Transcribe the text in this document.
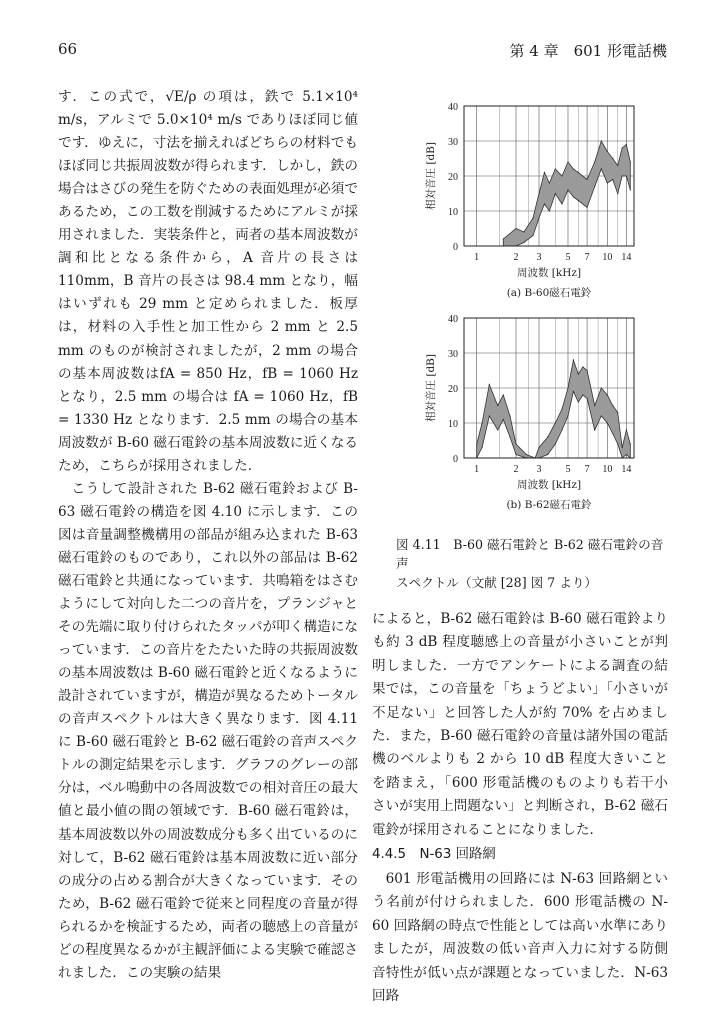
66	第 4 章　601 形電話機

す．この式で，√E/ρ の項は，鉄で 5.1×10⁴ m/s，アルミで 5.0×10⁴ m/s でありほぼ同じ値です．ゆえに，寸法を揃えればどちらの材料でもほぼ同じ共振周波数が得られます．しかし，鉄の場合はさびの発生を防ぐための表面処理が必須であるため，この工数を削減するためにアルミが採用されました．実装条件と，両者の基本周波数が調和比となる条件から，A 音片の長さは 110mm，B 音片の長さは 98.4 mm となり，幅はいずれも 29 mm と定められました．板厚は，材料の入手性と加工性から 2 mm と 2.5 mm のものが検討されましたが，2 mm の場合の基本周波数はfA = 850 Hz，fB = 1060 Hz となり，2.5 mm の場合は fA = 1060 Hz，fB = 1330 Hz となります．2.5 mm の場合の基本周波数が B-60 磁石電鈴の基本周波数に近くなるため，こちらが採用されました．

こうして設計された B-62 磁石電鈴および B-63 磁石電鈴の構造を図 4.10 に示します．この図は音量調整機構用の部品が組み込まれた B-63 磁石電鈴のものであり，これ以外の部品は B-62 磁石電鈴と共通になっています．共鳴箱をはさむようにして対向した二つの音片を，プランジャとその先端に取り付けられたタッパが叩く構造になっています．この音片をたたいた時の共振周波数の基本周波数は B-60 磁石電鈴と近くなるように設計されていますが，構造が異なるためトータルの音声スペクトルは大きく異なります．図 4.11 に B-60 磁石電鈴と B-62 磁石電鈴の音声スペクトルの測定結果を示します．グラフのグレーの部分は，ベル鳴動中の各周波数での相対音圧の最大値と最小値の間の領域です．B-60 磁石電鈴は，基本周波数以外の周波数成分も多く出ているのに対して，B-62 磁石電鈴は基本周波数に近い部分の成分の占める割合が大きくなっています．そのため，B-62 磁石電鈴で従来と同程度の音量が得られるかを検証するため，両者の聴感上の音量がどの程度異なるかが主観評価による実験で確認されました．この実験の結果

0
10
20
30
40
1	2 3 5 7 10 14
相対音圧 [dB]
周波数 [kHz]
(a) B-60磁石電鈴
0
10
20
30
40
1	2 3 5 7 10 14
相対音圧 [dB]
周波数 [kHz]
(b) B-62磁石電鈴
図 4.11　B-60 磁石電鈴と B-62 磁石電鈴の音声
スペクトル（文献 [28] 図 7 より）

によると，B-62 磁石電鈴は B-60 磁石電鈴よりも約 3 dB 程度聴感上の音量が小さいことが判明しました．一方でアンケートによる調査の結果では，この音量を「ちょうどよい」「小さいが不足ない」と回答した人が約 70% を占めました．また，B-60 磁石電鈴の音量は諸外国の電話機のベルよりも 2 から 10 dB 程度大きいことを踏まえ，「600 形電話機のものよりも若干小さいが実用上問題ない」と判断され，B-62 磁石電鈴が採用されることになりました．

4.4.5　N-63 回路網

601 形電話機用の回路には N-63 回路網という名前が付けられました．600 形電話機の N-60 回路網の時点で性能としては高い水準にありましたが，周波数の低い音声入力に対する防側音特性が低い点が課題となっていました．N-63 回路
